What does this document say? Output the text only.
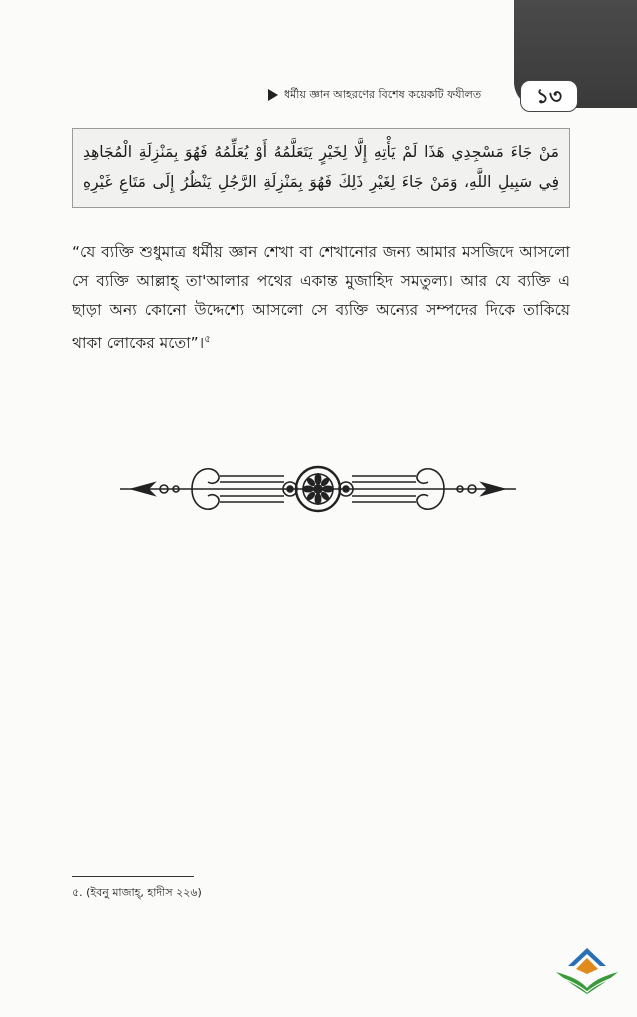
১৩
ধর্মীয় জ্ঞান আহরণের বিশেষ কয়েকটি ফযীলত
مَنْ جَاءَ مَسْجِدِي هَذَا لَمْ يَأْتِهِ إِلَّا لِخَيْرٍ يَتَعَلَّمُهُ أَوْ يُعَلِّمُهُ فَهُوَ بِمَنْزِلَةِ الْمُجَاهِدِ فِي سَبِيلِ اللَّهِ، وَمَنْ جَاءَ لِغَيْرِ ذَلِكَ فَهُوَ بِمَنْزِلَةِ الرَّجُلِ يَنْظُرُ إِلَى مَتَاعِ غَيْرِهِ
“যে ব্যক্তি শুধুমাত্র ধর্মীয় জ্ঞান শেখা বা শেখানোর জন্য আমার মসজিদে আসলো সে ব্যক্তি আল্লাহ্ তা'আলার পথের একান্ত মুজাহিদ সমতুল্য। আর যে ব্যক্তি এ ছাড়া অন্য কোনো উদ্দেশ্যে আসলো সে ব্যক্তি অন্যের সম্পদের দিকে তাকিয়ে থাকা লোকের মতো”।$^৫$
৫. (ইবনু মাজাহ্, হাদীস ২২৬)
